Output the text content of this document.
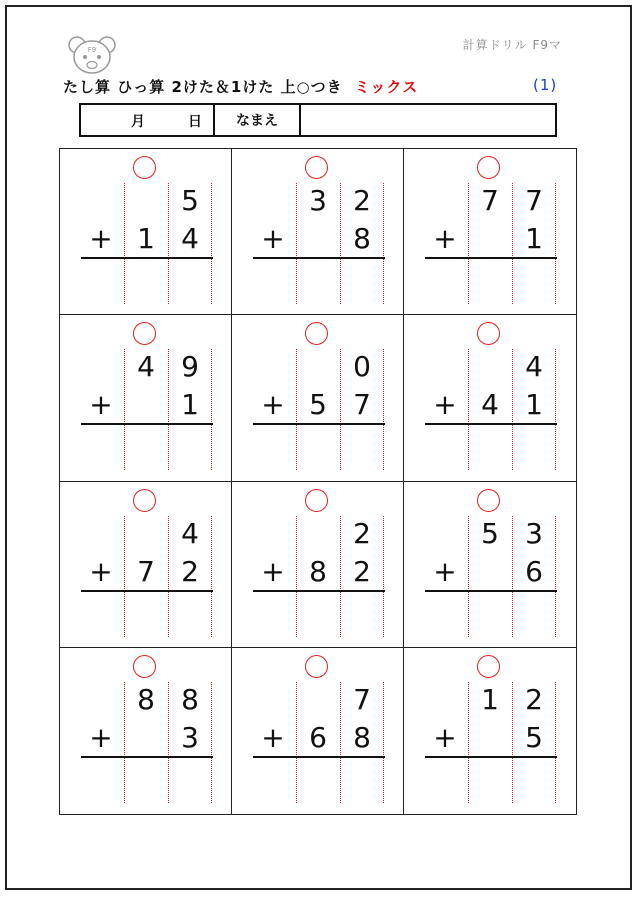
F9	計算ドリル F9マ
たし算 ひっ算 2けた＆1けた 上○つき ミックス	(1)
月	日	なまえ
5
+ 1 4
3 2
+	8
7 7
+	1
4 9
+	1
0
+ 5 7
4
+ 4 1
4
+ 7 2
2
+ 8 2
5 3
+	6
8 8
+	3
7
+ 6 8
1 2
+	5
